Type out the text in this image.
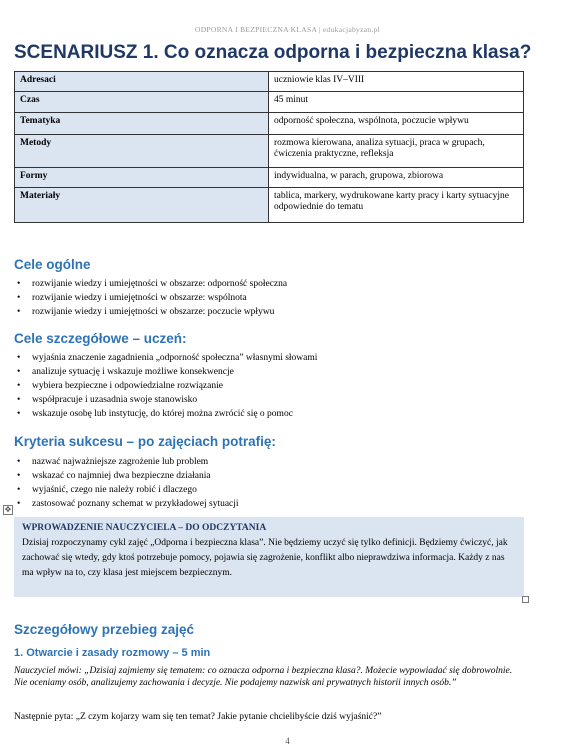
ODPORNA I BEZPIECZNA KLASA | edukacjabyzan.pl
SCENARIUSZ 1. Co oznacza odporna i bezpieczna klasa?
Adresaci	uczniowie klas IV–VIII
Czas	45 minut
Tematyka	odporność społeczna, wspólnota, poczucie wpływu
Metody	rozmowa kierowana, analiza sytuacji, praca w grupach, ćwiczenia praktyczne, refleksja
Formy	indywidualna, w parach, grupowa, zbiorowa
Materiały	tablica, markery, wydrukowane karty pracy i karty sytuacyjne odpowiednie do tematu
Cele ogólne
• rozwijanie wiedzy i umiejętności w obszarze: odporność społeczna
• rozwijanie wiedzy i umiejętności w obszarze: wspólnota
• rozwijanie wiedzy i umiejętności w obszarze: poczucie wpływu
Cele szczegółowe – uczeń:
• wyjaśnia znaczenie zagadnienia „odporność społeczna” własnymi słowami
• analizuje sytuację i wskazuje możliwe konsekwencje
• wybiera bezpieczne i odpowiedzialne rozwiązanie
• współpracuje i uzasadnia swoje stanowisko
• wskazuje osobę lub instytucję, do której można zwrócić się o pomoc
Kryteria sukcesu – po zajęciach potrafię:
• nazwać najważniejsze zagrożenie lub problem
• wskazać co najmniej dwa bezpieczne działania
• wyjaśnić, czego nie należy robić i dlaczego
• zastosować poznany schemat w przykładowej sytuacji
✥
WPROWADZENIE NAUCZYCIELA – DO ODCZYTANIA
Dzisiaj rozpoczynamy cykl zajęć „Odporna i bezpieczna klasa”. Nie będziemy uczyć się tylko definicji. Będziemy ćwiczyć, jak zachować się wtedy, gdy ktoś potrzebuje pomocy, pojawia się zagrożenie, konflikt albo nieprawdziwa informacja. Każdy z nas ma wpływ na to, czy klasa jest miejscem bezpiecznym.
Szczegółowy przebieg zajęć
1. Otwarcie i zasady rozmowy – 5 min
Nauczyciel mówi: „Dzisiaj zajmiemy się tematem: co oznacza odporna i bezpieczna klasa?. Możecie wypowiadać się dobrowolnie. Nie oceniamy osób, analizujemy zachowania i decyzje. Nie podajemy nazwisk ani prywatnych historii innych osób.”
Następnie pyta: „Z czym kojarzy wam się ten temat? Jakie pytanie chcielibyście dziś wyjaśnić?”
4
